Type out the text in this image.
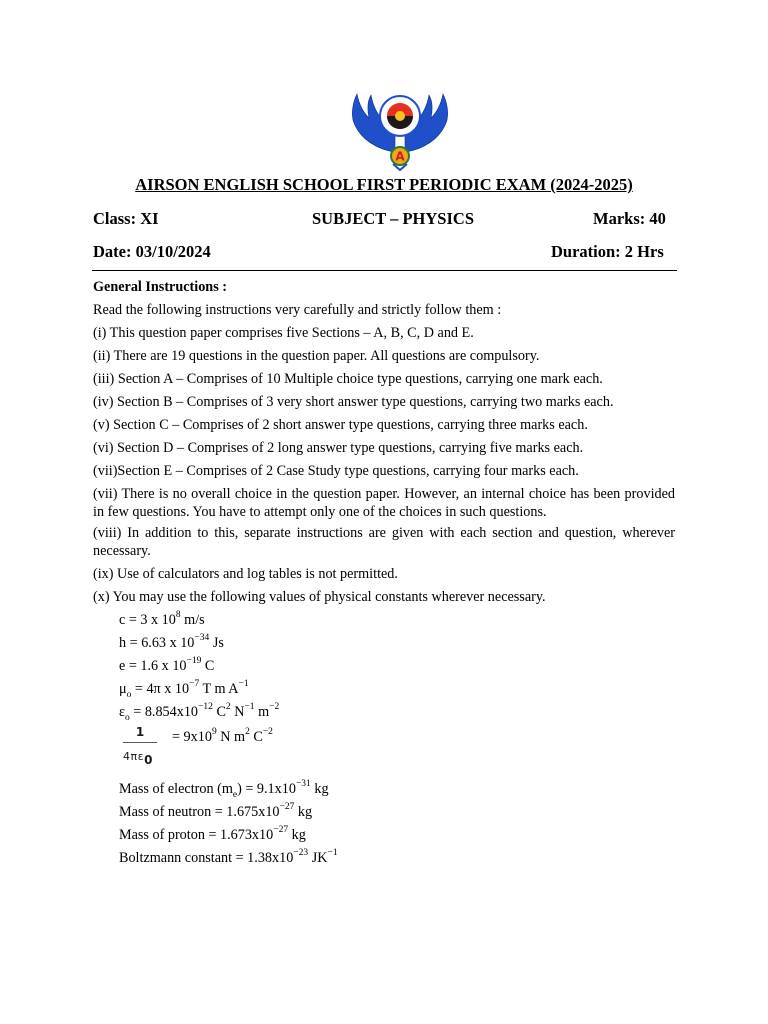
A
AIRSON ENGLISH SCHOOL FIRST PERIODIC EXAM (2024-2025)
Class: XI	SUBJECT – PHYSICS	Marks: 40
Date: 03/10/2024	Duration: 2 Hrs

General Instructions :

Read the following instructions very carefully and strictly follow them :

(i) This question paper comprises five Sections – A, B, C, D and E.

(ii) There are 19 questions in the question paper. All questions are compulsory.

(iii) Section A – Comprises of 10 Multiple choice type questions, carrying one mark each.

(iv) Section B – Comprises of 3 very short answer type questions, carrying two marks each.

(v) Section C – Comprises of 2 short answer type questions, carrying three marks each.

(vi) Section D – Comprises of 2 long answer type questions, carrying five marks each.

(vii)Section E – Comprises of 2 Case Study type questions, carrying four marks each.

(vii) There is no overall choice in the question paper. However, an internal choice has been provided in few questions. You have to attempt only one of the choices in such questions.

(viii) In addition to this, separate instructions are given with each section and question, wherever necessary.

(ix) Use of calculators and log tables is not permitted.

(x) You may use the following values of physical constants wherever necessary.

c = 3 x $10^8$ m/s

h = 6.63 x $10^{-34}$ Js

e = 1.6 x $10^{-19}$ C

$\mu_o = 4\pi$ x $10^{-7}$ T m $A^{-1}$

$\varepsilon_o = 8.854x10^{-12}$ $C^2$ $N^{-1}$ $m^{-2}$

1
4πε0
= $9x10^9$ N $m^2$ $C^{-2}$

Mass of electron $(m_e) = 9.1x10^{-31}$ kg

Mass of neutron = $1.675x10^{-27}$ kg

Mass of proton = $1.673x10^{-27}$ kg

Boltzmann constant = $1.38x10^{-23}$ $JK^{-1}$
